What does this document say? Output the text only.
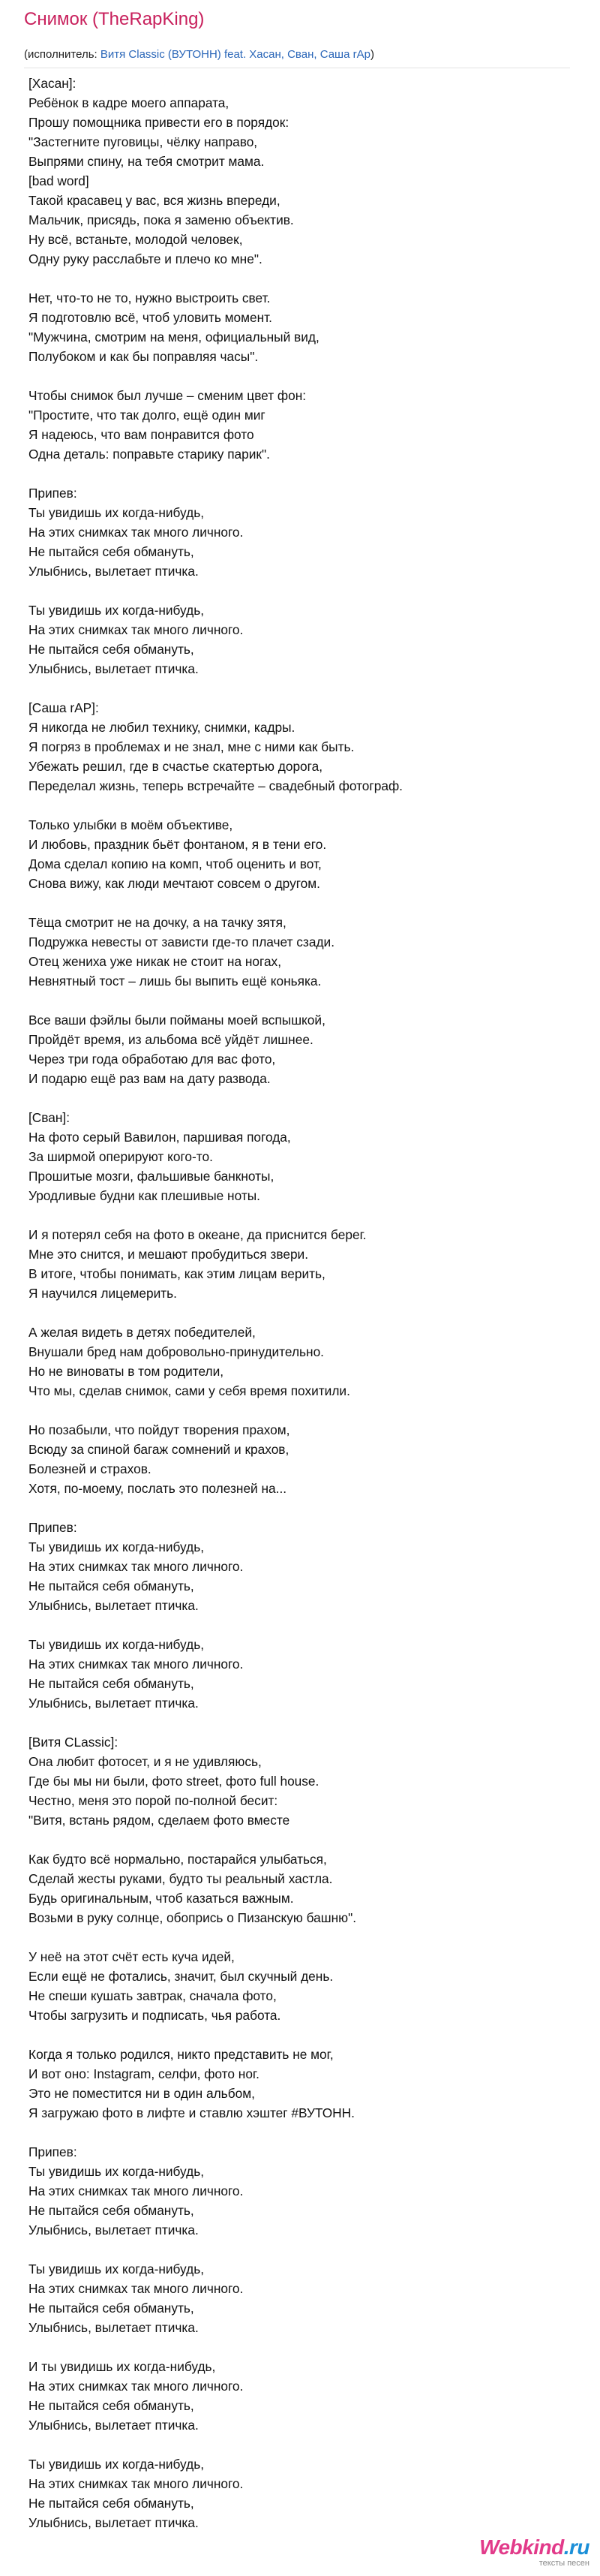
Снимок (TheRapKing)
(исполнитель: Витя Classic (ВУТОНН) feat. Хасан, Сван, Саша rAp)
[Хасан]:
Ребёнок в кадре моего аппарата,
Прошу помощника привести его в порядок:
"Застегните пуговицы, чёлку направо,
Выпрями спину, на тебя смотрит мама.
[bad word]
Такой красавец у вас, вся жизнь впереди,
Мальчик, присядь, пока я заменю объектив.
Ну всё, встаньте, молодой человек,
Одну руку расслабьте и плечо ко мне".
Нет, что-то не то, нужно выстроить свет.
Я подготовлю всё, чтоб уловить момент.
"Мужчина, смотрим на меня, официальный вид,
Полубоком и как бы поправляя часы".
Чтобы снимок был лучше – сменим цвет фон:
"Простите, что так долго, ещё один миг
Я надеюсь, что вам понравится фото
Одна деталь: поправьте старику парик".
Припев:
Ты увидишь их когда-нибудь,
На этих снимках так много личного.
Не пытайся себя обмануть,
Улыбнись, вылетает птичка.
Ты увидишь их когда-нибудь,
На этих снимках так много личного.
Не пытайся себя обмануть,
Улыбнись, вылетает птичка.
[Саша rAP]:
Я никогда не любил технику, снимки, кадры.
Я погряз в проблемах и не знал, мне с ними как быть.
Убежать решил, где в счастье скатертью дорога,
Переделал жизнь, теперь встречайте – свадебный фотограф.
Только улыбки в моём объективе,
И любовь, праздник бьёт фонтаном, я в тени его.
Дома сделал копию на комп, чтоб оценить и вот,
Снова вижу, как люди мечтают совсем о другом.
Тёща смотрит не на дочку, а на тачку зятя,
Подружка невесты от зависти где-то плачет сзади.
Отец жениха уже никак не стоит на ногах,
Невнятный тост – лишь бы выпить ещё коньяка.
Все ваши фэйлы были пойманы моей вспышкой,
Пройдёт время, из альбома всё уйдёт лишнее.
Через три года обработаю для вас фото,
И подарю ещё раз вам на дату развода.
[Сван]:
На фото серый Вавилон, паршивая погода,
За ширмой оперируют кого-то.
Прошитые мозги, фальшивые банкноты,
Уродливые будни как плешивые ноты.
И я потерял себя на фото в океане, да приснится берег.
Мне это снится, и мешают пробудиться звери.
В итоге, чтобы понимать, как этим лицам верить,
Я научился лицемерить.
А желая видеть в детях победителей,
Внушали бред нам добровольно-принудительно.
Но не виноваты в том родители,
Что мы, сделав снимок, сами у себя время похитили.
Но позабыли, что пойдут творения прахом,
Всюду за спиной багаж сомнений и крахов,
Болезней и страхов.
Хотя, по-моему, послать это полезней на...
Припев:
Ты увидишь их когда-нибудь,
На этих снимках так много личного.
Не пытайся себя обмануть,
Улыбнись, вылетает птичка.
Ты увидишь их когда-нибудь,
На этих снимках так много личного.
Не пытайся себя обмануть,
Улыбнись, вылетает птичка.
[Витя CLassic]:
Она любит фотосет, и я не удивляюсь,
Где бы мы ни были, фото street, фото full house.
Честно, меня это порой по-полной бесит:
"Витя, встань рядом, сделаем фото вместе
Как будто всё нормально, постарайся улыбаться,
Сделай жесты руками, будто ты реальный хастла.
Будь оригинальным, чтоб казаться важным.
Возьми в руку солнце, обопрись о Пизанскую башню".
У неё на этот счёт есть куча идей,
Если ещё не фотались, значит, был скучный день.
Не спеши кушать завтрак, сначала фото,
Чтобы загрузить и подписать, чья работа.
Когда я только родился, никто представить не мог,
И вот оно: Instagram, селфи, фото ног.
Это не поместится ни в один альбом,
Я загружаю фото в лифте и ставлю хэштег #ВУТОНН.
Припев:
Ты увидишь их когда-нибудь,
На этих снимках так много личного.
Не пытайся себя обмануть,
Улыбнись, вылетает птичка.
Ты увидишь их когда-нибудь,
На этих снимках так много личного.
Не пытайся себя обмануть,
Улыбнись, вылетает птичка.
И ты увидишь их когда-нибудь,
На этих снимках так много личного.
Не пытайся себя обмануть,
Улыбнись, вылетает птичка.
Ты увидишь их когда-нибудь,
На этих снимках так много личного.
Не пытайся себя обмануть,
Улыбнись, вылетает птичка.
Webkind.ru
тексты песен
